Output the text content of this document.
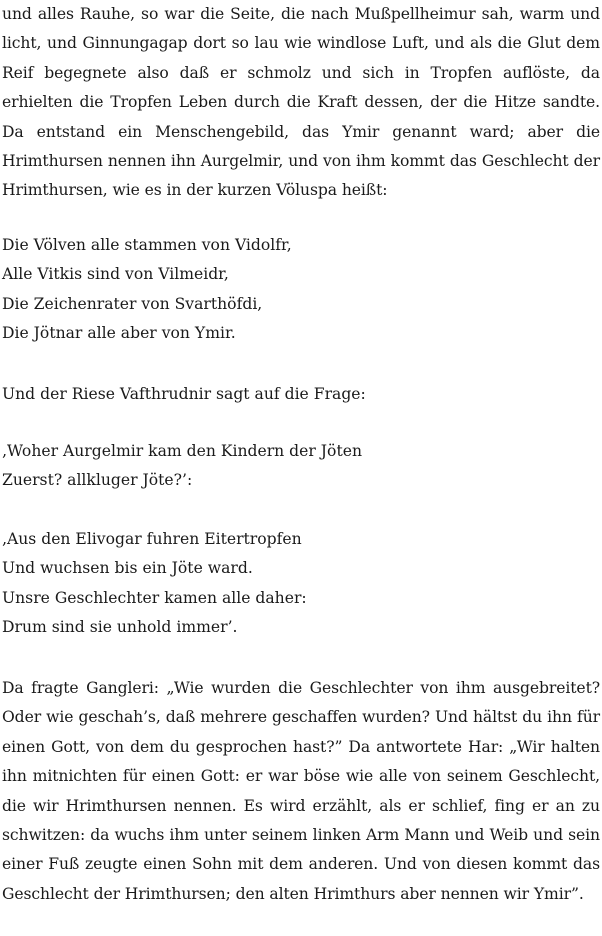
und alles Rauhe, so war die Seite, die nach Mußpellheimur sah, warm und licht, und Ginnungagap dort so lau wie windlose Luft, und als die Glut dem Reif begegnete also daß er schmolz und sich in Tropfen auflöste, da erhielten die Tropfen Leben durch die Kraft dessen, der die Hitze sandte. Da entstand ein Menschengebild, das Ymir genannt ward; aber die Hrimthursen nennen ihn Aurgelmir, und von ihm kommt das Geschlecht der Hrimthursen, wie es in der kurzen Völuspa heißt:

Die Völven alle stammen von Vidolfr,
Alle Vitkis sind von Vilmeidr,
Die Zeichenrater von Svarthöfdi,
Die Jötnar alle aber von Ymir.

Und der Riese Vafthrudnir sagt auf die Frage:

‚Woher Aurgelmir kam den Kindern der Jöten
Zuerst? allkluger Jöte?’:
‚Aus den Elivogar fuhren Eitertropfen
Und wuchsen bis ein Jöte ward.
Unsre Geschlechter kamen alle daher:
Drum sind sie unhold immer’.

Da fragte Gangleri: „Wie wurden die Geschlechter von ihm ausgebreitet? Oder wie geschah’s, daß mehrere geschaffen wurden? Und hältst du ihn für einen Gott, von dem du gesprochen hast?” Da antwortete Har: „Wir halten ihn mitnichten für einen Gott: er war böse wie alle von seinem Geschlecht, die wir Hrimthursen nennen. Es wird erzählt, als er schlief, fing er an zu schwitzen: da wuchs ihm unter seinem linken Arm Mann und Weib und sein einer Fuß zeugte einen Sohn mit dem anderen. Und von diesen kommt das Geschlecht der Hrimthursen; den alten Hrimthurs aber nennen wir Ymir”.
